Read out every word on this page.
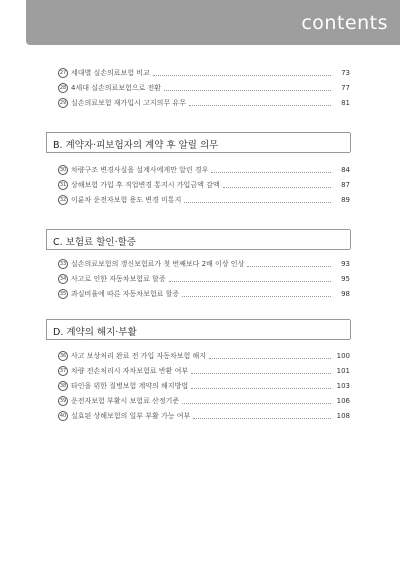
contents
27 세대별 실손의료보험 비교	73
28 4세대 실손의료보험으로 전환	77
29 실손의료보험 재가입시 고지의무 유무	81
B. 계약자·피보험자의 계약 후 알릴 의무
30 차량구조 변경사실을 설계사에게만 알린 경우	84
31 상해보험 가입 후 직업변경 통지시 가입금액 감액	87
32 이륜차 운전자보험 용도 변경 미통지	89
C. 보험료 할인·할증
33 실손의료보험의 갱신보험료가 첫 번째보다 2배 이상 인상	93
34 사고로 인한 자동차보험료 할증	95
35 과실비율에 따른 자동차보험료 할증	98
D. 계약의 해지·부활
36 사고 보상처리 완료 전 가입 자동차보험 해지	100
37 차량 전손처리시 자차보험료 반환 여부	101
38 타인을 위한 질병보험 계약의 해지방법	103
39 운전자보험 부활시 보험료 산정기준	106
40 실효된 상해보험의 일부 부활 가능 여부	108
